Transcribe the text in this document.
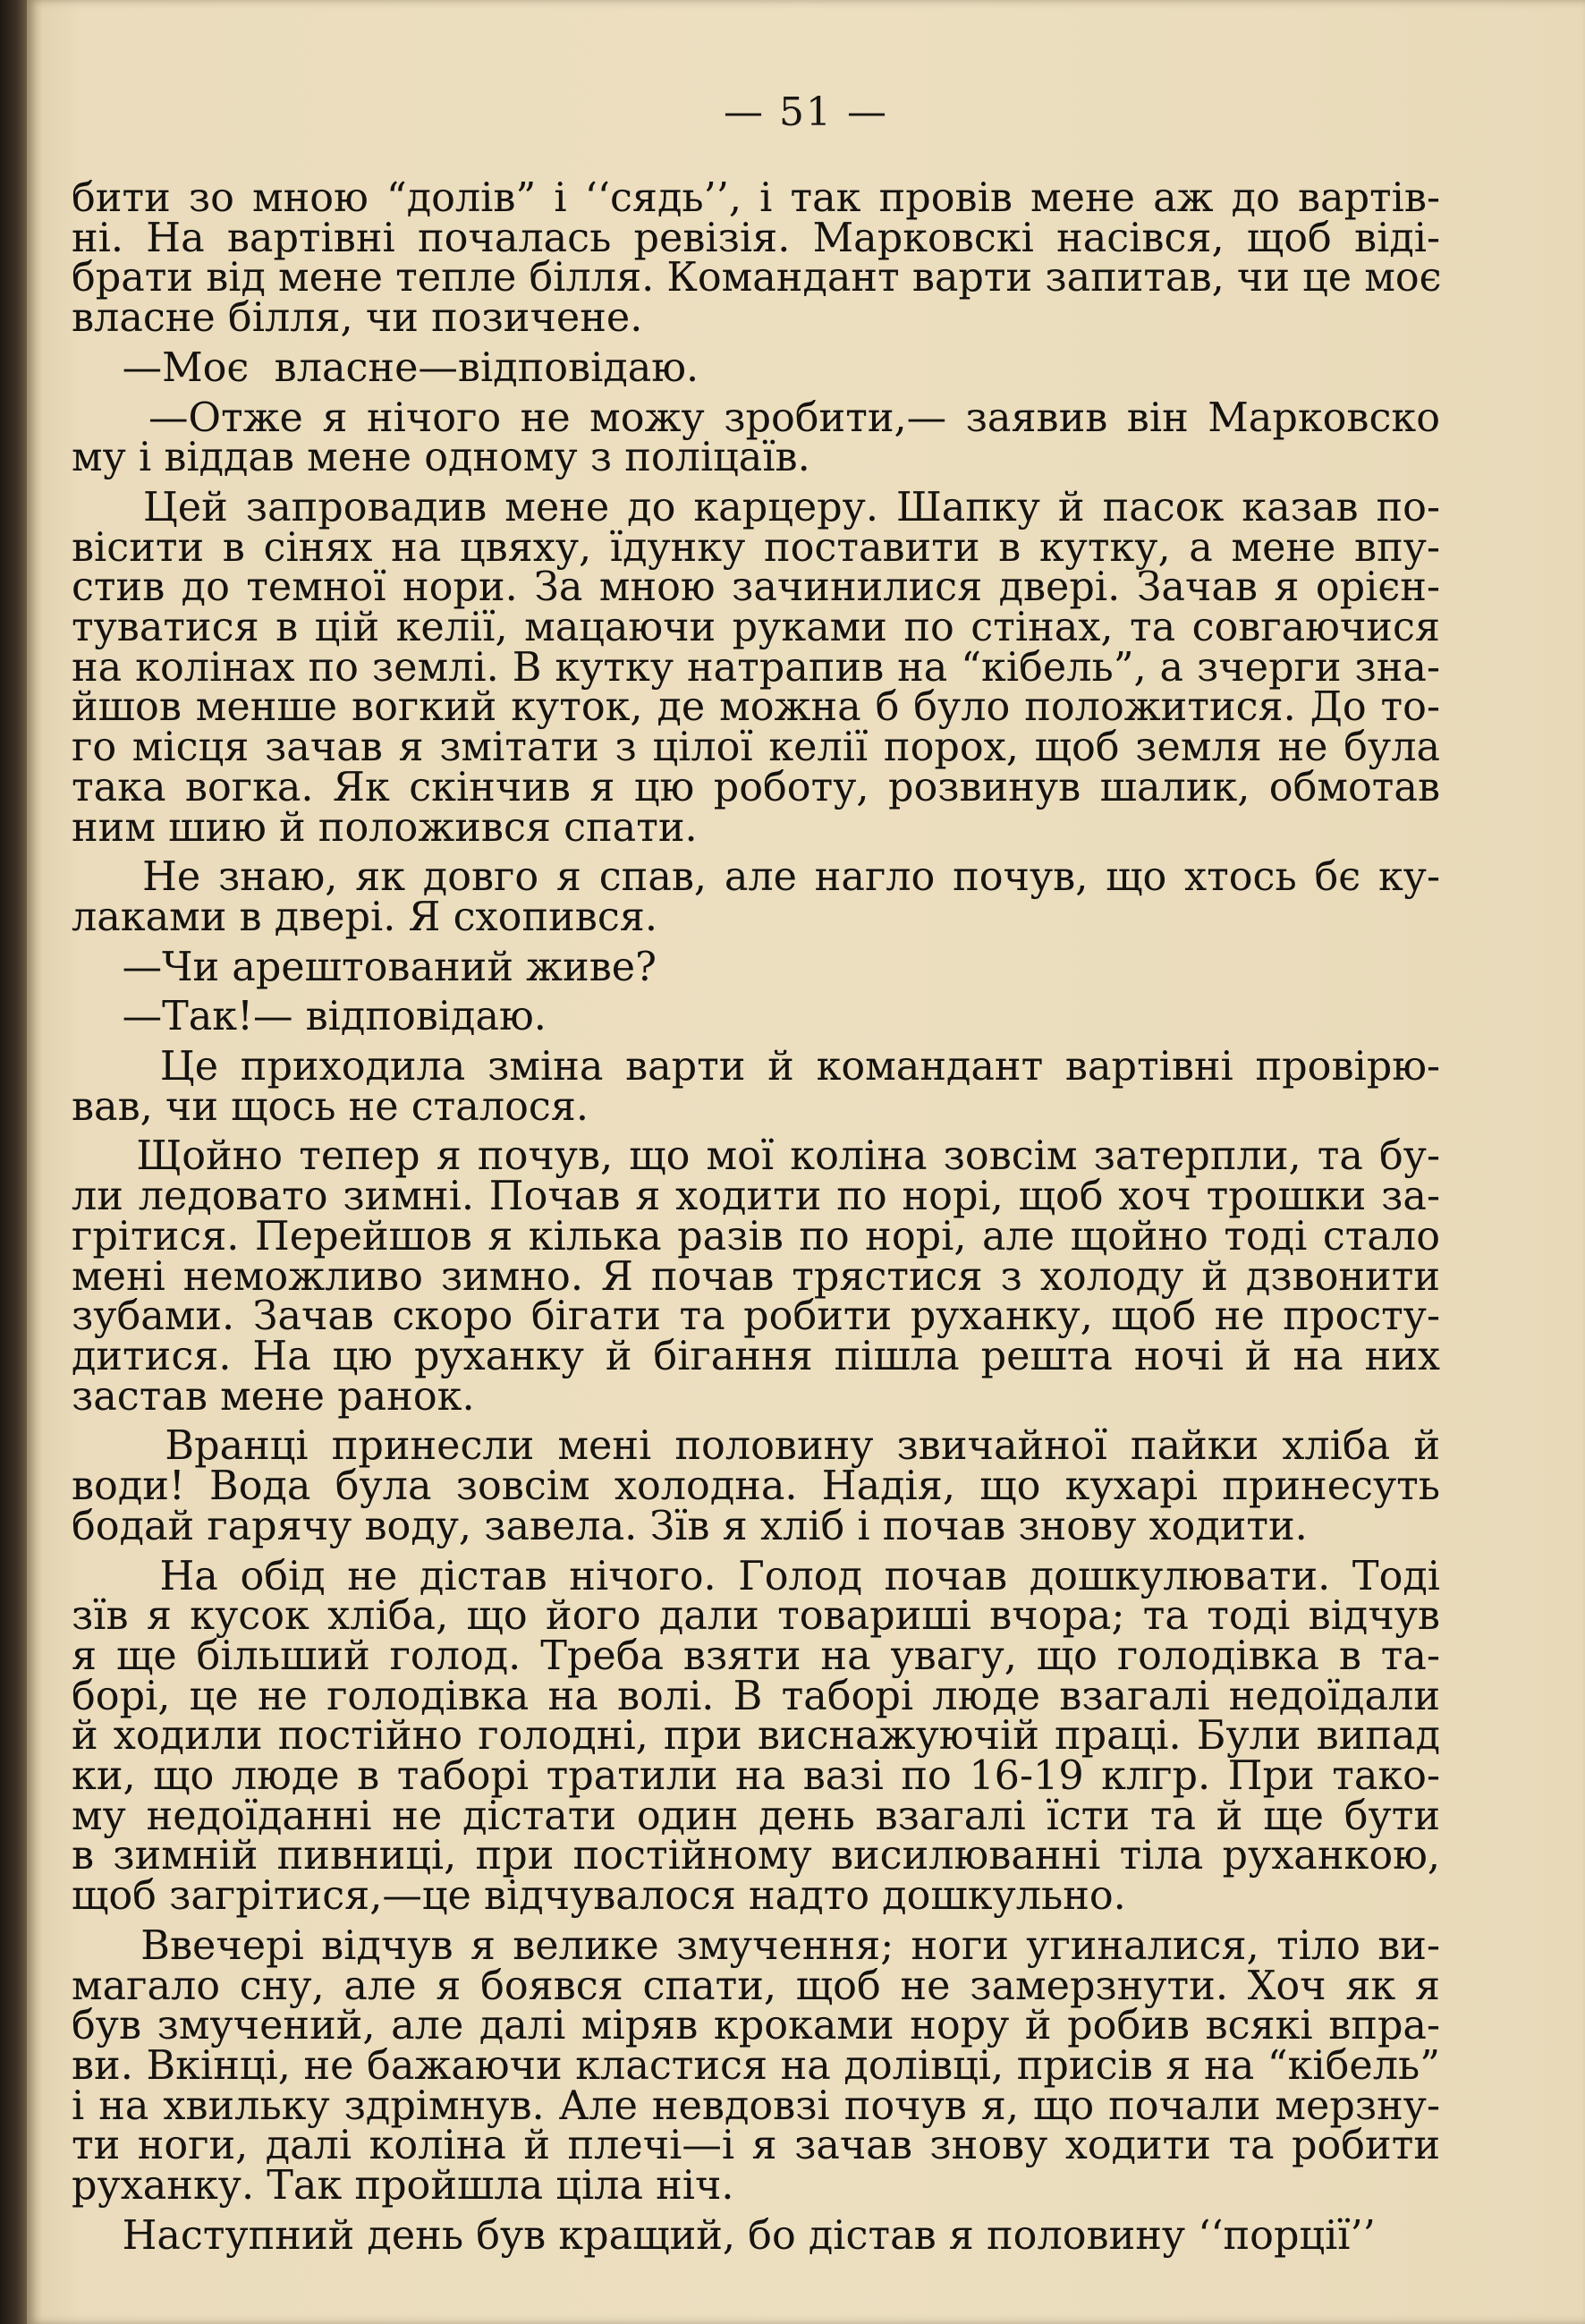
— 51 —
бити зо мною “долів” і ‘‘сядь’’, і так провів мене аж до вартів-
ні. На вартівні почалась ревізія. Марковскі насівся, щоб віді-
брати від мене тепле білля. Командант варти запитав, чи це моє
власне білля, чи позичене.
—Моє  власне—відповідаю.
—Отже я нічого не можу зробити,— заявив він Марковско
му і віддав мене одному з поліцаїв.
Цей запровадив мене до карцеру. Шапку й пасок казав по-
вісити в сінях на цвяху, їдунку поставити в кутку, а мене впу-
стив до темної нори. За мною зачинилися двері. Зачав я орієн-
туватися в цій келії, мацаючи руками по стінах, та совгаючися
на колінах по землі. В кутку натрапив на “кібель”, а зчерги зна-
йшов менше вогкий куток, де можна б було положитися. До то-
го місця зачав я змітати з цілої келії порох, щоб земля не була
така вогка. Як скінчив я цю роботу, розвинув шалик, обмотав
ним шию й положився спати.
Не знаю, як довго я спав, але нагло почув, що хтось бє ку-
лаками в двері. Я схопився.
—Чи арештований живе?
—Так!— відповідаю.
Це приходила зміна варти й командант вартівні провірю-
вав, чи щось не сталося.
Щойно тепер я почув, що мої коліна зовсім затерпли, та бу-
ли ледовато зимні. Почав я ходити по норі, щоб хоч трошки за-
грітися. Перейшов я кілька разів по норі, але щойно тоді стало
мені неможливо зимно. Я почав трястися з холоду й дзвонити
зубами. Зачав скоро бігати та робити руханку, щоб не просту-
дитися. На цю руханку й бігання пішла решта ночі й на них
застав мене ранок.
Вранці принесли мені половину звичайної пайки хліба й
води! Вода була зовсім холодна. Надія, що кухарі принесуть
бодай гарячу воду, завела. Зїв я хліб і почав знову ходити.
На обід не дістав нічого. Голод почав дошкулювати. Тоді
зїв я кусок хліба, що його дали товариші вчора; та тоді відчув
я ще більший голод. Треба взяти на увагу, що голодівка в та-
борі, це не голодівка на волі. В таборі люде взагалі недоїдали
й ходили постійно голодні, при виснажуючій праці. Були випад
ки, що люде в таборі тратили на вазі по 16-19 клгр. При тако-
му недоїданні не дістати один день взагалі їсти та й ще бути
в зимній пивниці, при постійному висилюванні тіла руханкою,
щоб загрітися,—це відчувалося надто дошкульно.
Ввечері відчув я велике змучення; ноги угиналися, тіло ви-
магало сну, але я боявся спати, щоб не замерзнути. Хоч як я
був змучений, але далі міряв кроками нору й робив всякі впра-
ви. Вкінці, не бажаючи кластися на долівці, присів я на “кібель”
і на хвильку здрімнув. Але невдовзі почув я, що почали мерзну-
ти ноги, далі коліна й плечі—і я зачав знову ходити та робити
руханку. Так пройшла ціла ніч.
Наступний день був кращий, бо дістав я половину ‘‘порції’’
